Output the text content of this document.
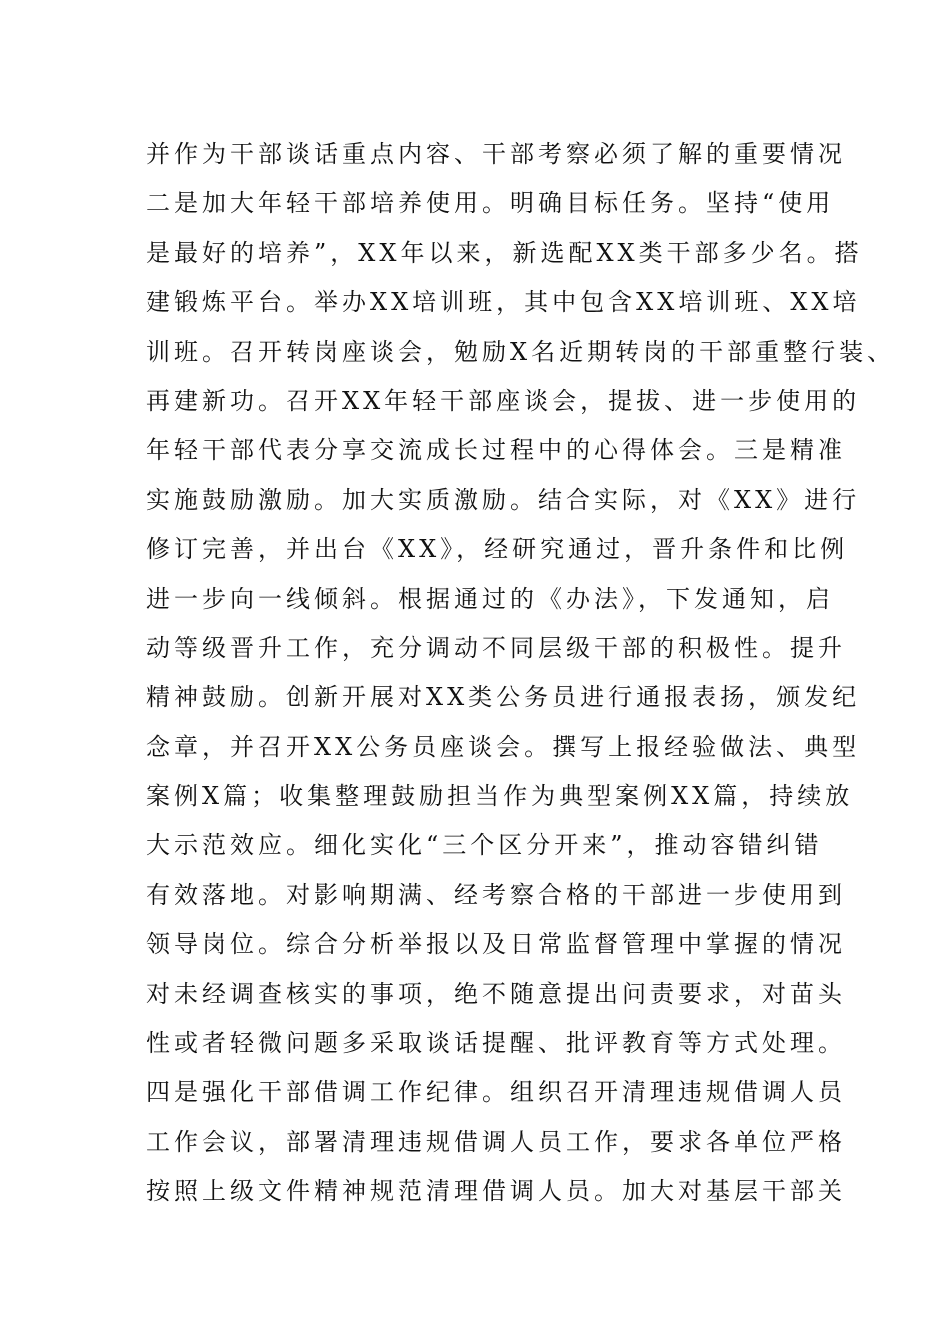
并作为干部谈话重点内容、干部考察必须了解的重要情况
二是加大年轻干部培养使用。明确目标任务。坚持“使用
是最好的培养”，XX年以来，新选配XX类干部多少名。搭
建锻炼平台。举办XX培训班，其中包含XX培训班、XX培
训班。召开转岗座谈会，勉励X名近期转岗的干部重整行装、
再建新功。召开XX年轻干部座谈会，提拔、进一步使用的
年轻干部代表分享交流成长过程中的心得体会。三是精准
实施鼓励激励。加大实质激励。结合实际，对《XX》进行
修订完善，并出台《XX》，经研究通过，晋升条件和比例
进一步向一线倾斜。根据通过的《办法》，下发通知，启
动等级晋升工作，充分调动不同层级干部的积极性。提升
精神鼓励。创新开展对XX类公务员进行通报表扬，颁发纪
念章，并召开XX公务员座谈会。撰写上报经验做法、典型
案例X篇；收集整理鼓励担当作为典型案例XX篇，持续放
大示范效应。细化实化“三个区分开来”，推动容错纠错
有效落地。对影响期满、经考察合格的干部进一步使用到
领导岗位。综合分析举报以及日常监督管理中掌握的情况
对未经调查核实的事项，绝不随意提出问责要求，对苗头
性或者轻微问题多采取谈话提醒、批评教育等方式处理。
四是强化干部借调工作纪律。组织召开清理违规借调人员
工作会议，部署清理违规借调人员工作，要求各单位严格
按照上级文件精神规范清理借调人员。加大对基层干部关
